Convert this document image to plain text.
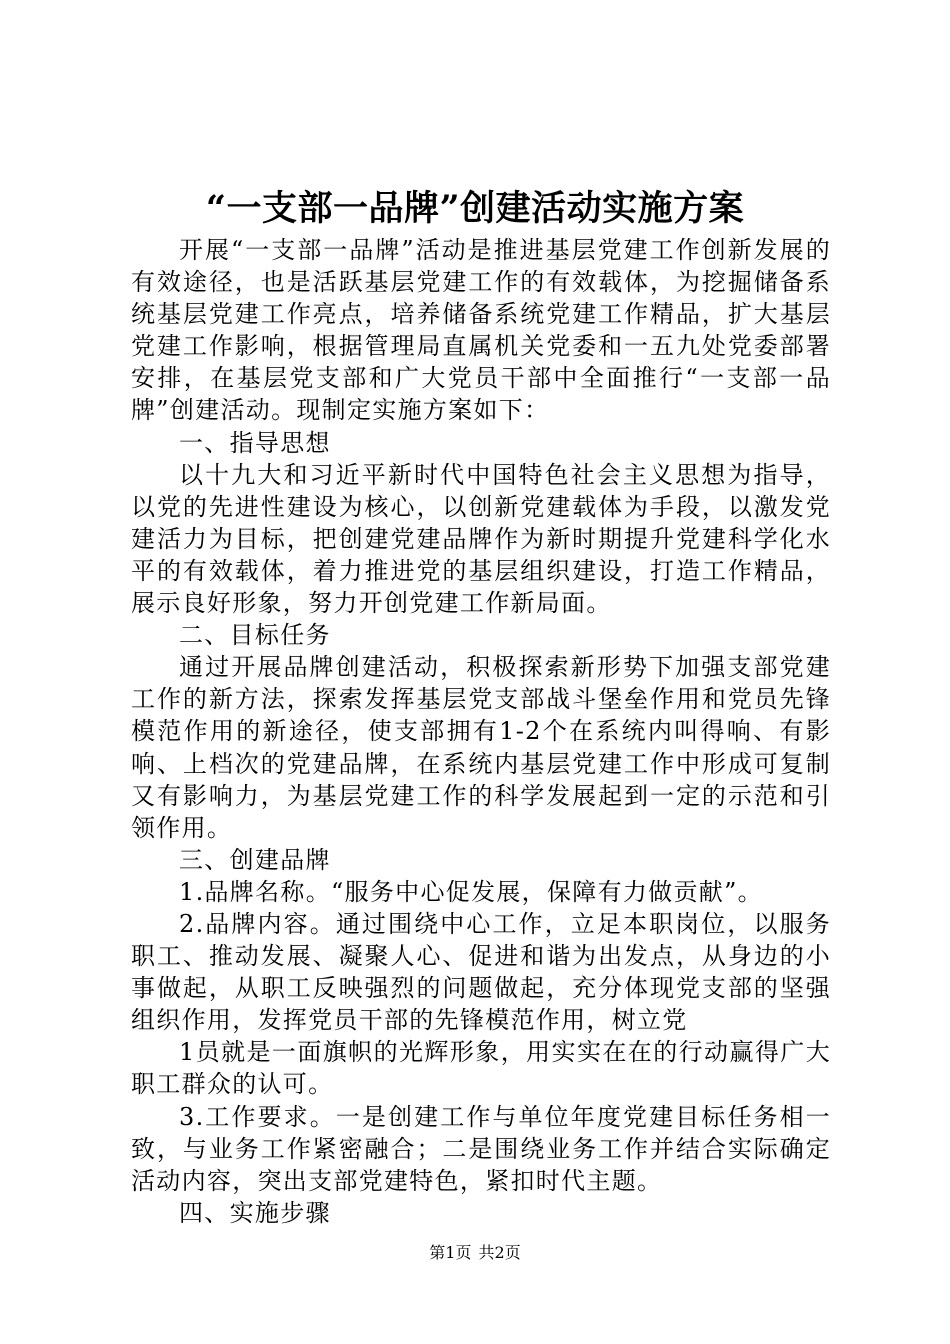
“一支部一品牌”创建活动实施方案

开展“一支部一品牌”活动是推进基层党建工作创新发展的有效途径，也是活跃基层党建工作的有效载体，为挖掘储备系统基层党建工作亮点，培养储备系统党建工作精品，扩大基层党建工作影响，根据管理局直属机关党委和一五九处党委部署安排，在基层党支部和广大党员干部中全面推行“一支部一品牌”创建活动。现制定实施方案如下：

一、指导思想

以十九大和习近平新时代中国特色社会主义思想为指导，以党的先进性建设为核心，以创新党建载体为手段，以激发党建活力为目标，把创建党建品牌作为新时期提升党建科学化水平的有效载体，着力推进党的基层组织建设，打造工作精品，展示良好形象，努力开创党建工作新局面。

二、目标任务

通过开展品牌创建活动，积极探索新形势下加强支部党建工作的新方法，探索发挥基层党支部战斗堡垒作用和党员先锋模范作用的新途径，使支部拥有1-2个在系统内叫得响、有影响、上档次的党建品牌，在系统内基层党建工作中形成可复制又有影响力，为基层党建工作的科学发展起到一定的示范和引领作用。

三、创建品牌

1.品牌名称。“服务中心促发展，保障有力做贡献”。

2.品牌内容。通过围绕中心工作，立足本职岗位，以服务职工、推动发展、凝聚人心、促进和谐为出发点，从身边的小事做起，从职工反映强烈的问题做起，充分体现党支部的坚强组织作用，发挥党员干部的先锋模范作用，树立党

1员就是一面旗帜的光辉形象，用实实在在的行动赢得广大职工群众的认可。

3.工作要求。一是创建工作与单位年度党建目标任务相一致，与业务工作紧密融合；二是围绕业务工作并结合实际确定活动内容，突出支部党建特色，紧扣时代主题。

四、实施步骤

第1页 共2页
